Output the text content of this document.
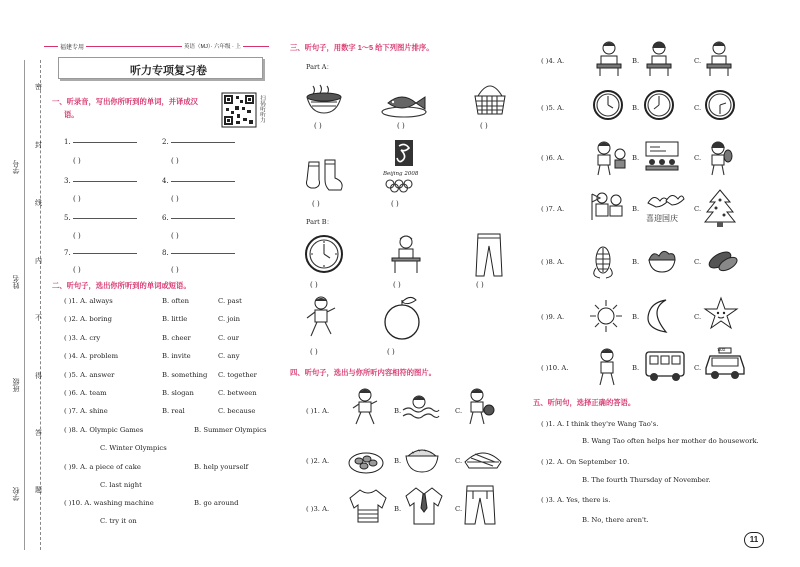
密
封
线
内
不
得
答
题
学号
姓名
班级
学校
福建专用	英语（MJ）· 六年级 · 上
听力专项复习卷
扫码听听力
一、听录音，写出你所听到的单词，并译成汉
语。
1.	2.
( )	( )
3.	4.
( )	( )
5.	6.
( )	( )
7.	8.
( )	( )
二、听句子，选出你所听到的单词或短语。
( )1. A. always	B. often	C. past
( )2. A. boring	B. little	C. join
( )3. A. cry	B. cheer	C. our
( )4. A. problem	B. invite	C. any
( )5. A. answer	B. something C. together
( )6. A. team	B. slogan	C. between
( )7. A. shine	B. real	C. because
( )8. A. Olympic Games	B. Summer Olympics
C. Winter Olympics
( )9. A. a piece of cake	B. help yourself
C. last night
( )10. A. washing machine	B. go around
C. try it on
三、听句子，用数字 1～5 给下列图片排序。
Part A：
( )	( )	( )
( )
Beijing 2008
( )
Part B：
( )	( )	( )
( )	( )
四、听句子，选出与你所听内容相符的图片。
( )1. A.	B.	C.
( )2. A.	B.	C.
( )3. A.	B.	C.
( )4. A.	B.	C.
( )5. A.	B.	C.
( )6. A.	B.	C.
( )7. A.	B.
喜迎国庆
C.
( )8. A.	B.	C.
( )9. A.	B.	C.
( )10. A.	B.	C.
TAXI
五、听问句，选择正确的答语。
( )1. A. I think they're Wang Tao's.
B. Wang Tao often helps her mother do housework.
( )2. A. On September 10.
B. The fourth Thursday of November.
( )3. A. Yes, there is.
B. No, there aren't.
11
